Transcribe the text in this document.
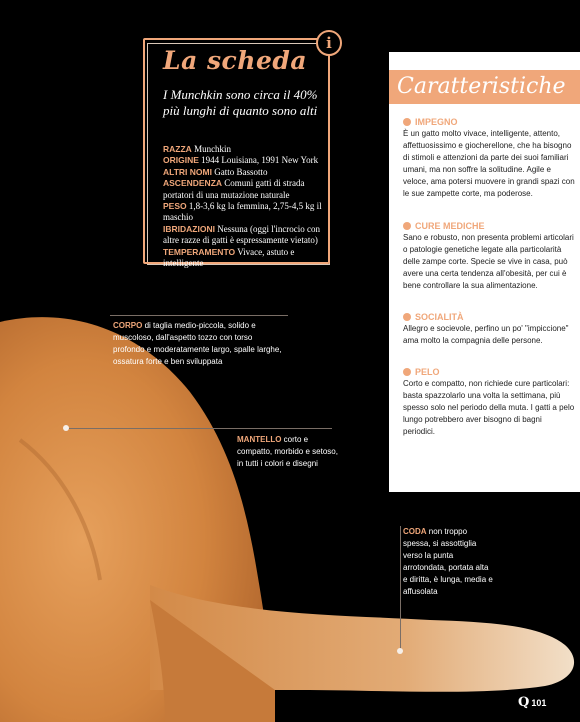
i
La scheda
I Munchkin sono circa il 40% più lunghi di quanto sono alti
RAZZA Munchkin
ORIGINE 1944 Louisiana, 1991 New York
ALTRI NOMI Gatto Bassotto
ASCENDENZA Comuni gatti di strada portatori di una mutazione naturale
PESO 1,8-3,6 kg la femmina, 2,75-4,5 kg il maschio
IBRIDAZIONI Nessuna (oggi l'incrocio con altre razze di gatti è espressamente vietato)
TEMPERAMENTO Vivace, astuto e intelligente
Caratteristiche
IMPEGNO
È un gatto molto vivace, intelligente, attento, affettuosissimo e giocherellone, che ha bisogno di stimoli e attenzioni da parte dei suoi familiari umani, ma non soffre la solitudine. Agile e veloce, ama potersi muovere in grandi spazi con le sue zampette corte, ma poderose.
CURE MEDICHE
Sano e robusto, non presenta problemi articolari o patologie genetiche legate alla particolarità delle zampe corte. Specie se vive in casa, può avere una certa tendenza all'obesità, per cui è bene controllare la sua alimentazione.
SOCIALITÀ
Allegro e socievole, perfino un po' "impiccione" ama molto la compagnia delle persone.
PELO
Corto e compatto, non richiede cure particolari: basta spazzolarlo una volta la settimana, più spesso solo nel periodo della muta. I gatti a pelo lungo potrebbero aver bisogno di bagni periodici.
CORPO di taglia medio-piccola, solido e muscoloso, dall'aspetto tozzo con torso profondo e moderatamente largo, spalle larghe, ossatura forte e ben sviluppata
MANTELLO corto e compatto, morbido e setoso, in tutti i colori e disegni
CODA non troppo spessa, si assottiglia verso la punta arrotondata, portata alta e diritta, è lunga, media e affusolata
Q 101
